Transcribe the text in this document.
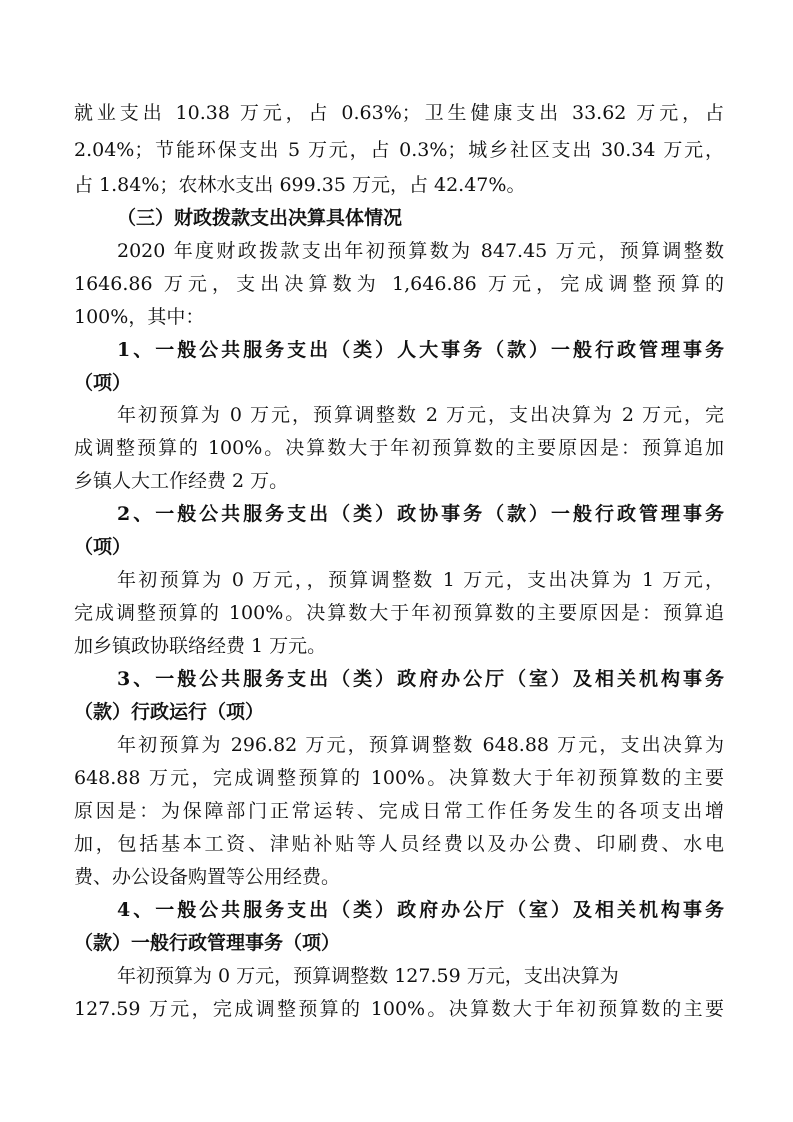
就业支出 10.38 万元，占 0.63%；卫生健康支出 33.62 万元，占
2.04%；节能环保支出 5 万元，占 0.3%；城乡社区支出 30.34 万元，
占 1.84%；农林水支出 699.35 万元，占 42.47%。
（三）财政拨款支出决算具体情况
2020 年度财政拨款支出年初预算数为 847.45 万元，预算调整数
1646.86 万元，支出决算数为 1,646.86 万元，完成调整预算的
100%，其中：
1、一般公共服务支出（类）人大事务（款）一般行政管理事务
（项）
年初预算为 0 万元，预算调整数 2 万元，支出决算为 2 万元，完
成调整预算的 100%。决算数大于年初预算数的主要原因是：预算追加
乡镇人大工作经费 2 万。
2、一般公共服务支出（类）政协事务（款）一般行政管理事务
（项）
年初预算为 0 万元，，预算调整数 1 万元，支出决算为 1 万元，
完成调整预算的 100%。决算数大于年初预算数的主要原因是：预算追
加乡镇政协联络经费 1 万元。
3、一般公共服务支出（类）政府办公厅（室）及相关机构事务
（款）行政运行（项）
年初预算为 296.82 万元，预算调整数 648.88 万元，支出决算为
648.88 万元，完成调整预算的 100%。决算数大于年初预算数的主要
原因是：为保障部门正常运转、完成日常工作任务发生的各项支出增
加，包括基本工资、津贴补贴等人员经费以及办公费、印刷费、水电
费、办公设备购置等公用经费。
4、一般公共服务支出（类）政府办公厅（室）及相关机构事务
（款）一般行政管理事务（项）
年初预算为 0 万元，预算调整数 127.59 万元，支出决算为
127.59 万元，完成调整预算的 100%。决算数大于年初预算数的主要
